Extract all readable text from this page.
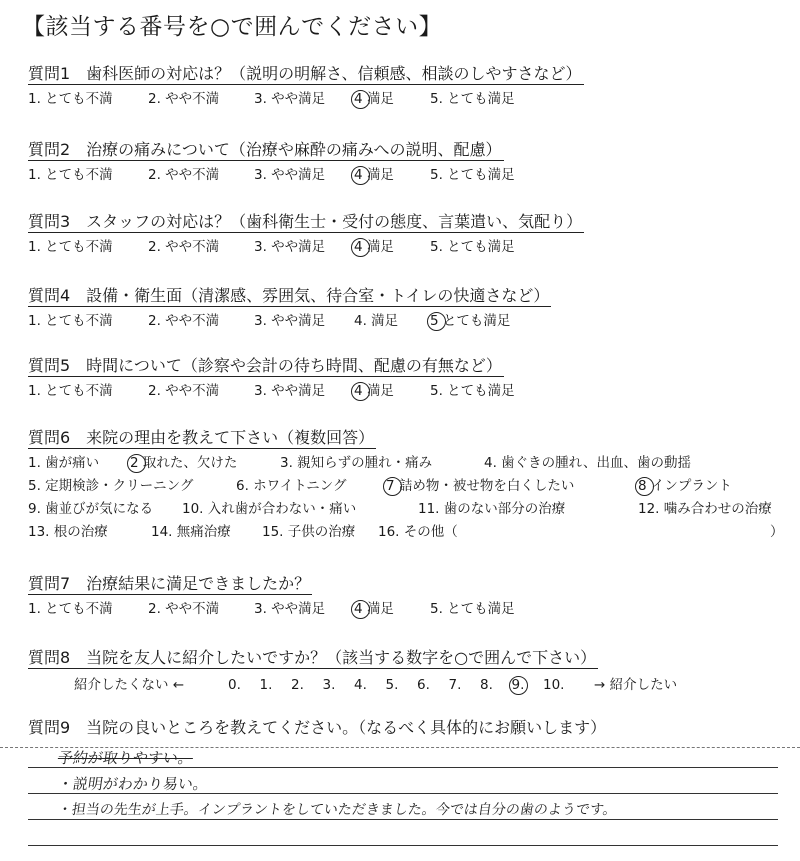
【該当する番号を○で囲んでください】
質問1　歯科医師の対応は？（説明の明解さ、信頼感、相談のしやすさなど）
1. とても不満	2. やや不満	3. やや満足 4 満足	5. とても満足
質問2　治療の痛みについて（治療や麻酔の痛みへの説明、配慮）
1. とても不満	2. やや不満	3. やや満足 4 満足	5. とても満足
質問3　スタッフの対応は？（歯科衛生士・受付の態度、言葉遣い、気配り）
1. とても不満	2. やや不満	3. やや満足 4 満足	5. とても満足
質問4　設備・衛生面（清潔感、雰囲気、待合室・トイレの快適さなど）
1. とても不満	2. やや不満	3. やや満足 4. 満足 5 とても満足
質問5　時間について（診察や会計の待ち時間、配慮の有無など）
1. とても不満	2. やや不満	3. やや満足 4 満足	5. とても満足
質問6　来院の理由を教えて下さい（複数回答）
1. 歯が痛い 2 取れた、欠けた	3. 親知らずの腫れ・痛み	4. 歯ぐきの腫れ、出血、歯の動揺
5. 定期検診・クリーニング	6. ホワイトニング	7 詰め物・被せ物を白くしたい	8 インプラント
9. 歯並びが気になる 10. 入れ歯が合わない・痛い	11. 歯のない部分の治療	12. 噛み合わせの治療
13. 根の治療	14. 無痛治療 15. 子供の治療 16. その他（	）
質問7　治療結果に満足できましたか？
1. とても不満	2. やや不満	3. やや満足 4 満足	5. とても満足
質問8　当院を友人に紹介したいですか？（該当する数字を○で囲んで下さい）
紹介したくない ←	0. 1. 2. 3. 4. 5. 6. 7. 8. 9. 10. → 紹介したい
質問9　当院の良いところを教えてください。（なるべく具体的にお願いします）
予約が取りやすい。
・説明がわかり易い。
・担当の先生が上手。インプラントをしていただきました。今では自分の歯のようです。
